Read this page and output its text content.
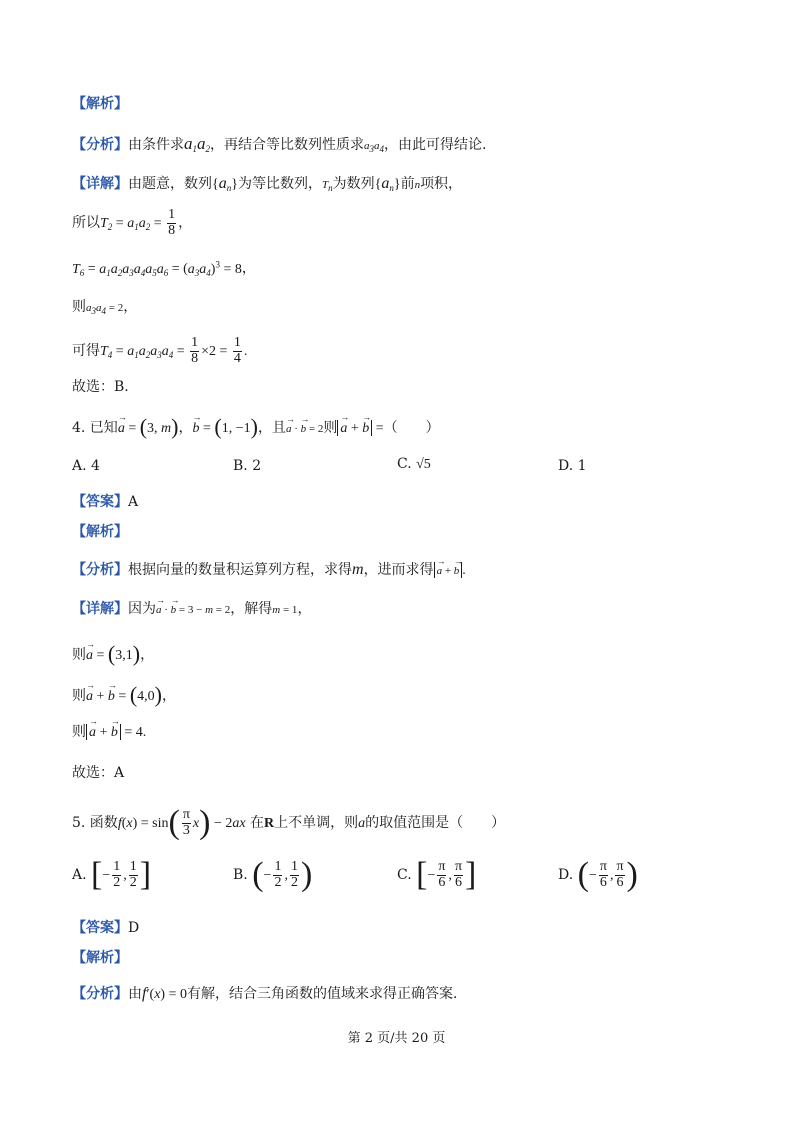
【解析】
【分析】由条件求$a_1a_2$，再结合等比数列性质求$a_3a_4$，由此可得结论.
【详解】由题意，数列$\{a_n\}$为等比数列，$T_n$为数列$\{a_n\}$前n项积，
所以$T_2 = a_1a_2 = \frac{1}{8}$ ，
$T_6 = a_1a_2a_3a_4a_5a_6 = (a_3a_4)^3 = 8$，
则$a_3a_4 = 2$，
可得$T_4 = a_1a_2a_3a_4 = \frac{1}{8} \times 2 = \frac{1}{4}$ .
故选：B.
4. 已知→ a = (3, m)，→ b = (1, −1)，且→ a · → b = 2则 → a + → b =（　　）
A. 4	B. 2	C. √5	D. 1
【答案】A
【解析】
【分析】根据向量的数量积运算列方程，求得m，进而求得 → a + → b .
【详解】因为→ a · → b = 3 − m = 2，解得m = 1，
则→ a = (3,1)，
则→ a + → b = (4,0)，
则 → a + → b = 4.
故选：A
5. 函数$f(x) = \sin( \frac{\pi}{3} x) - 2ax$ 在R上不单调，则a的取值范围是（　　）
A. [− $\frac{1}{2}$ , $\frac{1}{2}$ ]	B. (− $\frac{1}{2}$ , $\frac{1}{2}$ )	C. [− $\frac{\pi}{6}$ , $\frac{\pi}{6}$ ]	D. (− $\frac{\pi}{6}$ , $\frac{\pi}{6}$ )
【答案】D
【解析】
【分析】由f′(x) = 0有解，结合三角函数的值域来求得正确答案.
第 2 页/共 20 页
